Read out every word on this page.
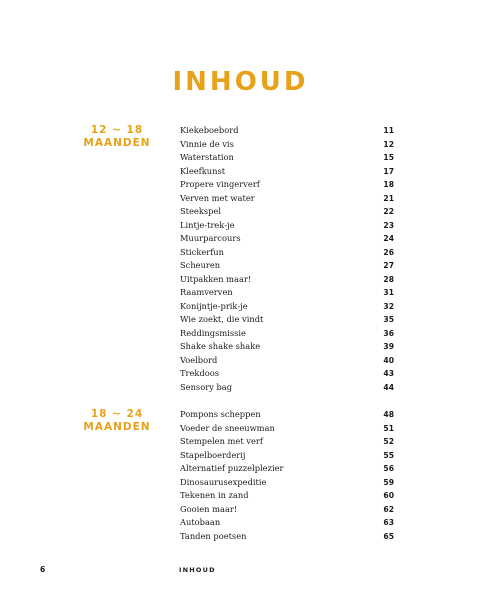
INHOUD
12 ~ 18
MAANDEN
Kiekeboebord	11
Vinnie de vis	12
Waterstation	15
Kleefkunst	17
Propere vingerverf	18
Verven met water	21
Steekspel	22
Lintje-trek-je	23
Muurparcours	24
Stickerfun	26
Scheuren	27
Uitpakken maar!	28
Raamverven	31
Konijntje-prik-je	32
Wie zoekt, die vindt	35
Reddingsmissie	36
Shake shake shake	39
Voelbord	40
Trekdoos	43
Sensory bag	44
18 ~ 24
MAANDEN
Pompons scheppen	48
Voeder de sneeuwman	51
Stempelen met verf	52
Stapelboerderij	55
Alternatief puzzelplezier	56
Dinosaurusexpeditie	59
Tekenen in zand	60
Gooien maar!	62
Autobaan	63
Tanden poetsen	65
6	INHOUD
